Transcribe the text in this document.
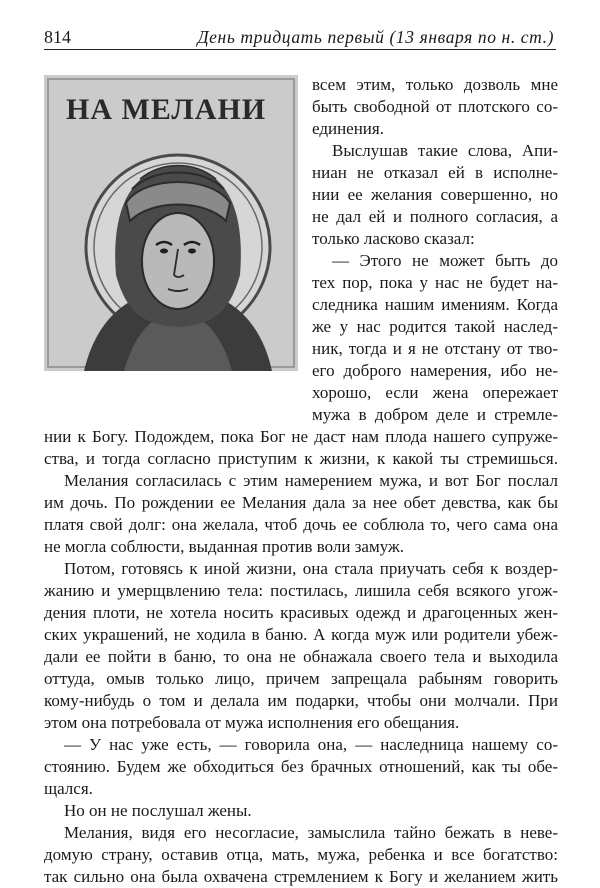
814	День тридцать первый (13 января по н. ст.)
НА МЕЛАНИ
всем этим, только дозволь мне
быть свободной от плотского со-
единения.
Выслушав такие слова, Апи-
ниан не отказал ей в исполне-
нии ее желания совершенно, но
не дал ей и полного согласия, а
только ласково сказал:
— Этого не может быть до
тех пор, пока у нас не будет на-
следника нашим имениям. Когда
же у нас родится такой наслед-
ник, тогда и я не отстану от тво-
его доброго намерения, ибо не-
хорошо, если жена опережает
мужа в добром деле и стремле-
нии к Богу. Подождем, пока Бог не даст нам плода нашего супруже-
ства, и тогда согласно приступим к жизни, к какой ты стремишься.
Мелания согласилась с этим намерением мужа, и вот Бог послал
им дочь. По рождении ее Мелания дала за нее обет девства, как бы
платя свой долг: она желала, чтоб дочь ее соблюла то, чего сама она
не могла соблюсти, выданная против воли замуж.
Потом, готовясь к иной жизни, она стала приучать себя к воздер-
жанию и умерщвлению тела: постилась, лишила себя всякого угож-
дения плоти, не хотела носить красивых одежд и драгоценных жен-
ских украшений, не ходила в баню. А когда муж или родители убеж-
дали ее пойти в баню, то она не обнажала своего тела и выходила
оттуда, омыв только лицо, причем запрещала рабыням говорить
кому-нибудь о том и делала им подарки, чтобы они молчали. При
этом она потребовала от мужа исполнения его обещания.
— У нас уже есть, — говорила она, — наследница нашему со-
стоянию. Будем же обходиться без брачных отношений, как ты обе-
щался.
Но он не послушал жены.
Мелания, видя его несогласие, замыслила тайно бежать в неве-
домую страну, оставив отца, мать, мужа, ребенка и все богатство:
так сильно она была охвачена стремлением к Богу и желанием жить
